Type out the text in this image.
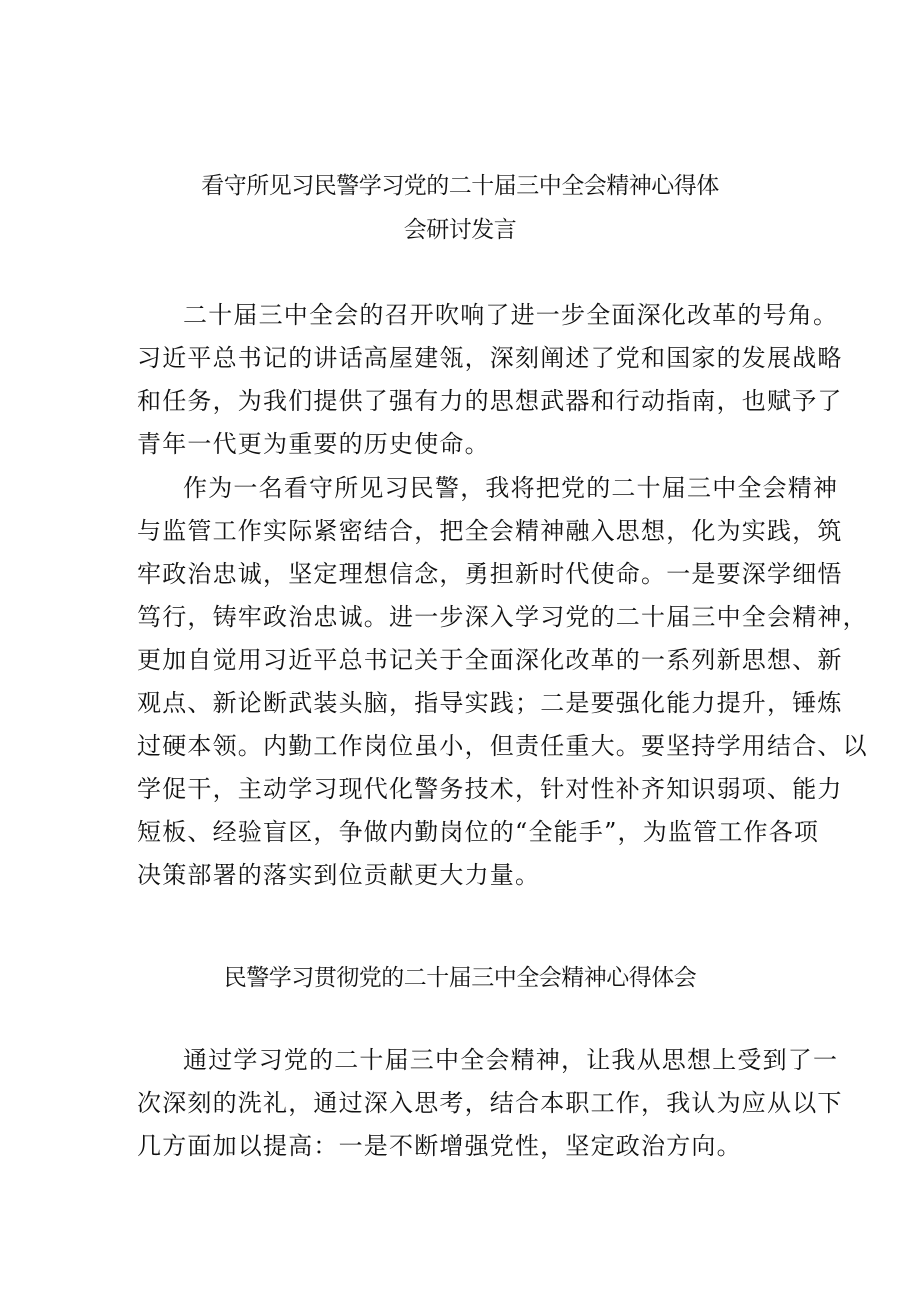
看守所见习民警学习党的二十届三中全会精神心得体
会研讨发言
二十届三中全会的召开吹响了进一步全面深化改革的号角。
习近平总书记的讲话高屋建瓴，深刻阐述了党和国家的发展战略
和任务，为我们提供了强有力的思想武器和行动指南，也赋予了
青年一代更为重要的历史使命。
作为一名看守所见习民警，我将把党的二十届三中全会精神
与监管工作实际紧密结合，把全会精神融入思想，化为实践，筑
牢政治忠诚，坚定理想信念，勇担新时代使命。一是要深学细悟
笃行，铸牢政治忠诚。进一步深入学习党的二十届三中全会精神，
更加自觉用习近平总书记关于全面深化改革的一系列新思想、新
观点、新论断武装头脑，指导实践；二是要强化能力提升，锤炼
过硬本领。内勤工作岗位虽小，但责任重大。要坚持学用结合、以
学促干，主动学习现代化警务技术，针对性补齐知识弱项、能力
短板、经验盲区，争做内勤岗位的“全能手”，为监管工作各项
决策部署的落实到位贡献更大力量。
民警学习贯彻党的二十届三中全会精神心得体会
通过学习党的二十届三中全会精神，让我从思想上受到了一
次深刻的洗礼，通过深入思考，结合本职工作，我认为应从以下
几方面加以提高：一是不断增强党性，坚定政治方向。
